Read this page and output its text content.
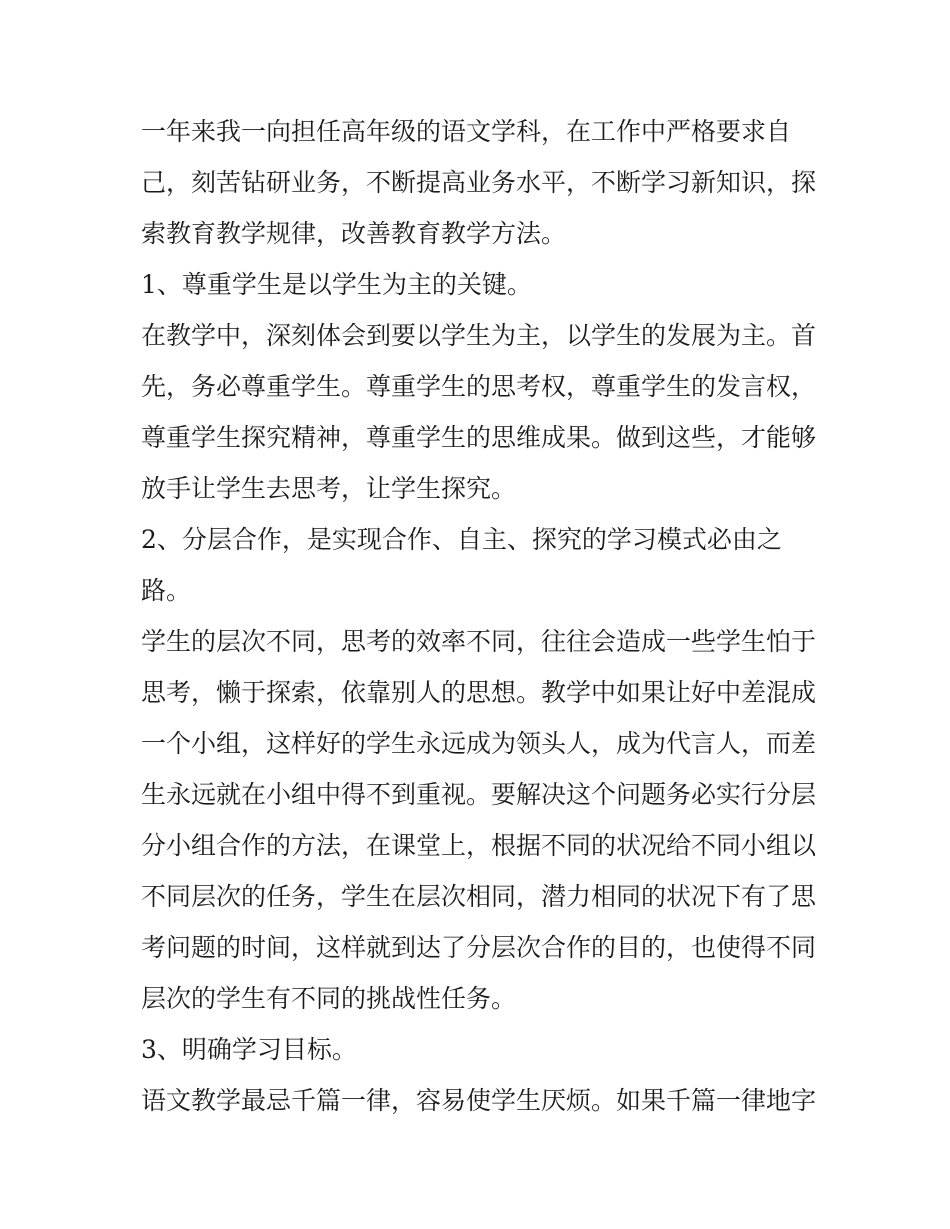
一年来我一向担任高年级的语文学科，在工作中严格要求自

己，刻苦钻研业务，不断提高业务水平，不断学习新知识，探

索教育教学规律，改善教育教学方法。

1、尊重学生是以学生为主的关键。

在教学中，深刻体会到要以学生为主，以学生的发展为主。首

先，务必尊重学生。尊重学生的思考权，尊重学生的发言权，

尊重学生探究精神，尊重学生的思维成果。做到这些，才能够

放手让学生去思考，让学生探究。

2、分层合作，是实现合作、自主、探究的学习模式必由之

路。

学生的层次不同，思考的效率不同，往往会造成一些学生怕于

思考，懒于探索，依靠别人的思想。教学中如果让好中差混成

一个小组，这样好的学生永远成为领头人，成为代言人，而差

生永远就在小组中得不到重视。要解决这个问题务必实行分层

分小组合作的方法，在课堂上，根据不同的状况给不同小组以

不同层次的任务，学生在层次相同，潜力相同的状况下有了思

考问题的时间，这样就到达了分层次合作的目的，也使得不同

层次的学生有不同的挑战性任务。

3、明确学习目标。

语文教学最忌千篇一律，容易使学生厌烦。如果千篇一律地字
